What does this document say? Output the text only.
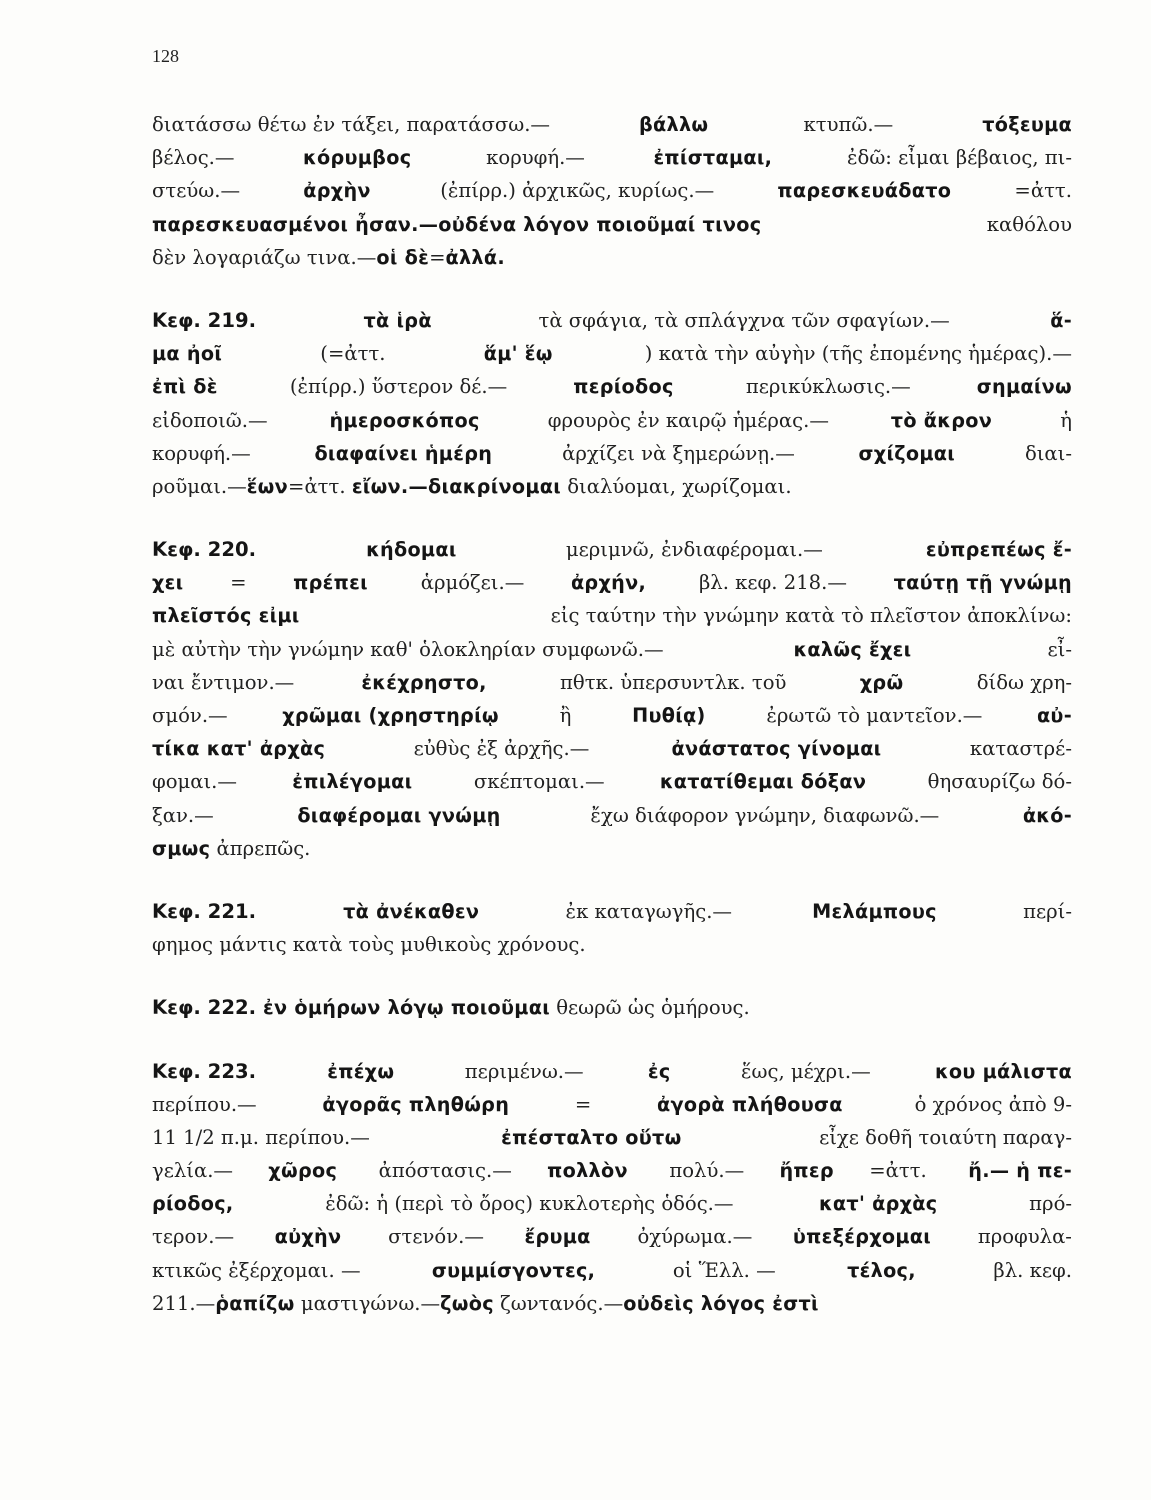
128
διατάσσω θέτω ἐν τάξει, παρατάσσω.—	βάλλω	κτυπῶ.—	τόξευμα
βέλος.—	κόρυμβος	κορυφή.—	ἐπίσταμαι,	ἐδῶ: εἶμαι βέβαιος, πι-
στεύω.—	ἀρχὴν	(ἐπίρρ.) ἀρχικῶς, κυρίως.—	παρεσκευάδατο	=ἀττ.
παρεσκευασμένοι ἦσαν.—οὐδένα λόγον ποιοῦμαί τινος	καθόλου
δὲν λογαριάζω τινα.— οἱ δὲ = ἀλλά.
Κεφ. 219.	τὰ ἱρὰ	τὰ σφάγια, τὰ σπλάγχνα τῶν σφαγίων.—	ἅ-
μα ἠοῖ	(=ἀττ.	ἅμ' ἕῳ	) κατὰ τὴν αὐγὴν (τῆς ἐπομένης ἡμέρας).—
ἐπὶ δὲ	(ἐπίρρ.) ὕστερον δέ.—	περίοδος	περικύκλωσις.—	σημαίνω
εἰδοποιῶ.—	ἡμεροσκόπος	φρουρὸς ἐν καιρῷ ἡμέρας.—	τὸ ἄκρον	ἡ
κορυφή.—	διαφαίνει ἡμέρη	ἀρχίζει νὰ ξημερώνῃ.—	σχίζομαι	διαι-
ροῦμαι.— ἕων =ἀττ. εἴων.—διακρίνομαι διαλύομαι, χωρίζομαι.
Κεφ. 220.	κήδομαι	μεριμνῶ, ἐνδιαφέρομαι.—	εὐπρεπέως ἔ-
χει = πρέπει ἁρμόζει.— ἀρχήν, βλ. κεφ. 218.— ταύτῃ τῇ γνώμῃ
πλεῖστός εἰμι	εἰς ταύτην τὴν γνώμην κατὰ τὸ πλεῖστον ἀποκλίνω:
μὲ αὐτὴν τὴν γνώμην καθ' ὁλοκληρίαν συμφωνῶ.—	καλῶς ἔχει	εἶ-
ναι ἔντιμον.—	ἐκέχρηστο,	πθτκ. ὑπερσυντλκ. τοῦ	χρῶ	δίδω χρη-
σμόν.—	χρῶμαι (χρηστηρίῳ	ἢ	Πυθίᾳ)	ἐρωτῶ τὸ μαντεῖον.—	αὐ-
τίκα κατ' ἀρχὰς	εὐθὺς ἐξ ἀρχῆς.—	ἀνάστατος γίνομαι	καταστρέ-
φομαι.—	ἐπιλέγομαι	σκέπτομαι.—	κατατίθεμαι δόξαν	θησαυρίζω δό-
ξαν.—	διαφέρομαι γνώμῃ	ἔχω διάφορον γνώμην, διαφωνῶ.—	ἀκό-
σμως ἀπρεπῶς.
Κεφ. 221.	τὰ ἀνέκαθεν	ἐκ καταγωγῆς.—	Μελάμπους	περί-
φημος μάντις κατὰ τοὺς μυθικοὺς χρόνους.
Κεφ. 222. ἐν ὁμήρων λόγῳ ποιοῦμαι θεωρῶ ὡς ὁμήρους.
Κεφ. 223.	ἐπέχω	περιμένω.—	ἐς	ἕως, μέχρι.—	κου μάλιστα
περίπου.—	ἀγορᾶς πληθώρη	=	ἀγορὰ πλήθουσα	ὁ χρόνος ἀπὸ 9-
11 1/2 π.μ. περίπου.—	ἐπέσταλτο οὕτω	εἶχε δοθῆ τοιαύτη παραγ-
γελία.— χῶρος ἀπόστασις.— πολλὸν πολύ.— ἤπερ =ἀττ. ἤ.— ἡ πε-
ρίοδος,	ἐδῶ: ἡ (περὶ τὸ ὄρος) κυκλοτερὴς ὁδός.—	κατ' ἀρχὰς	πρό-
τερον.— αὐχὴν στενόν.— ἔρυμα ὀχύρωμα.— ὑπεξέρχομαι προφυλα-
κτικῶς ἐξέρχομαι. —	συμμίσγοντες,	οἱ Ἕλλ. —	τέλος,	βλ. κεφ.
211.— ῥαπίζω μαστιγώνω.— ζωὸς ζωντανός.— οὐδεὶς λόγος ἐστὶ
